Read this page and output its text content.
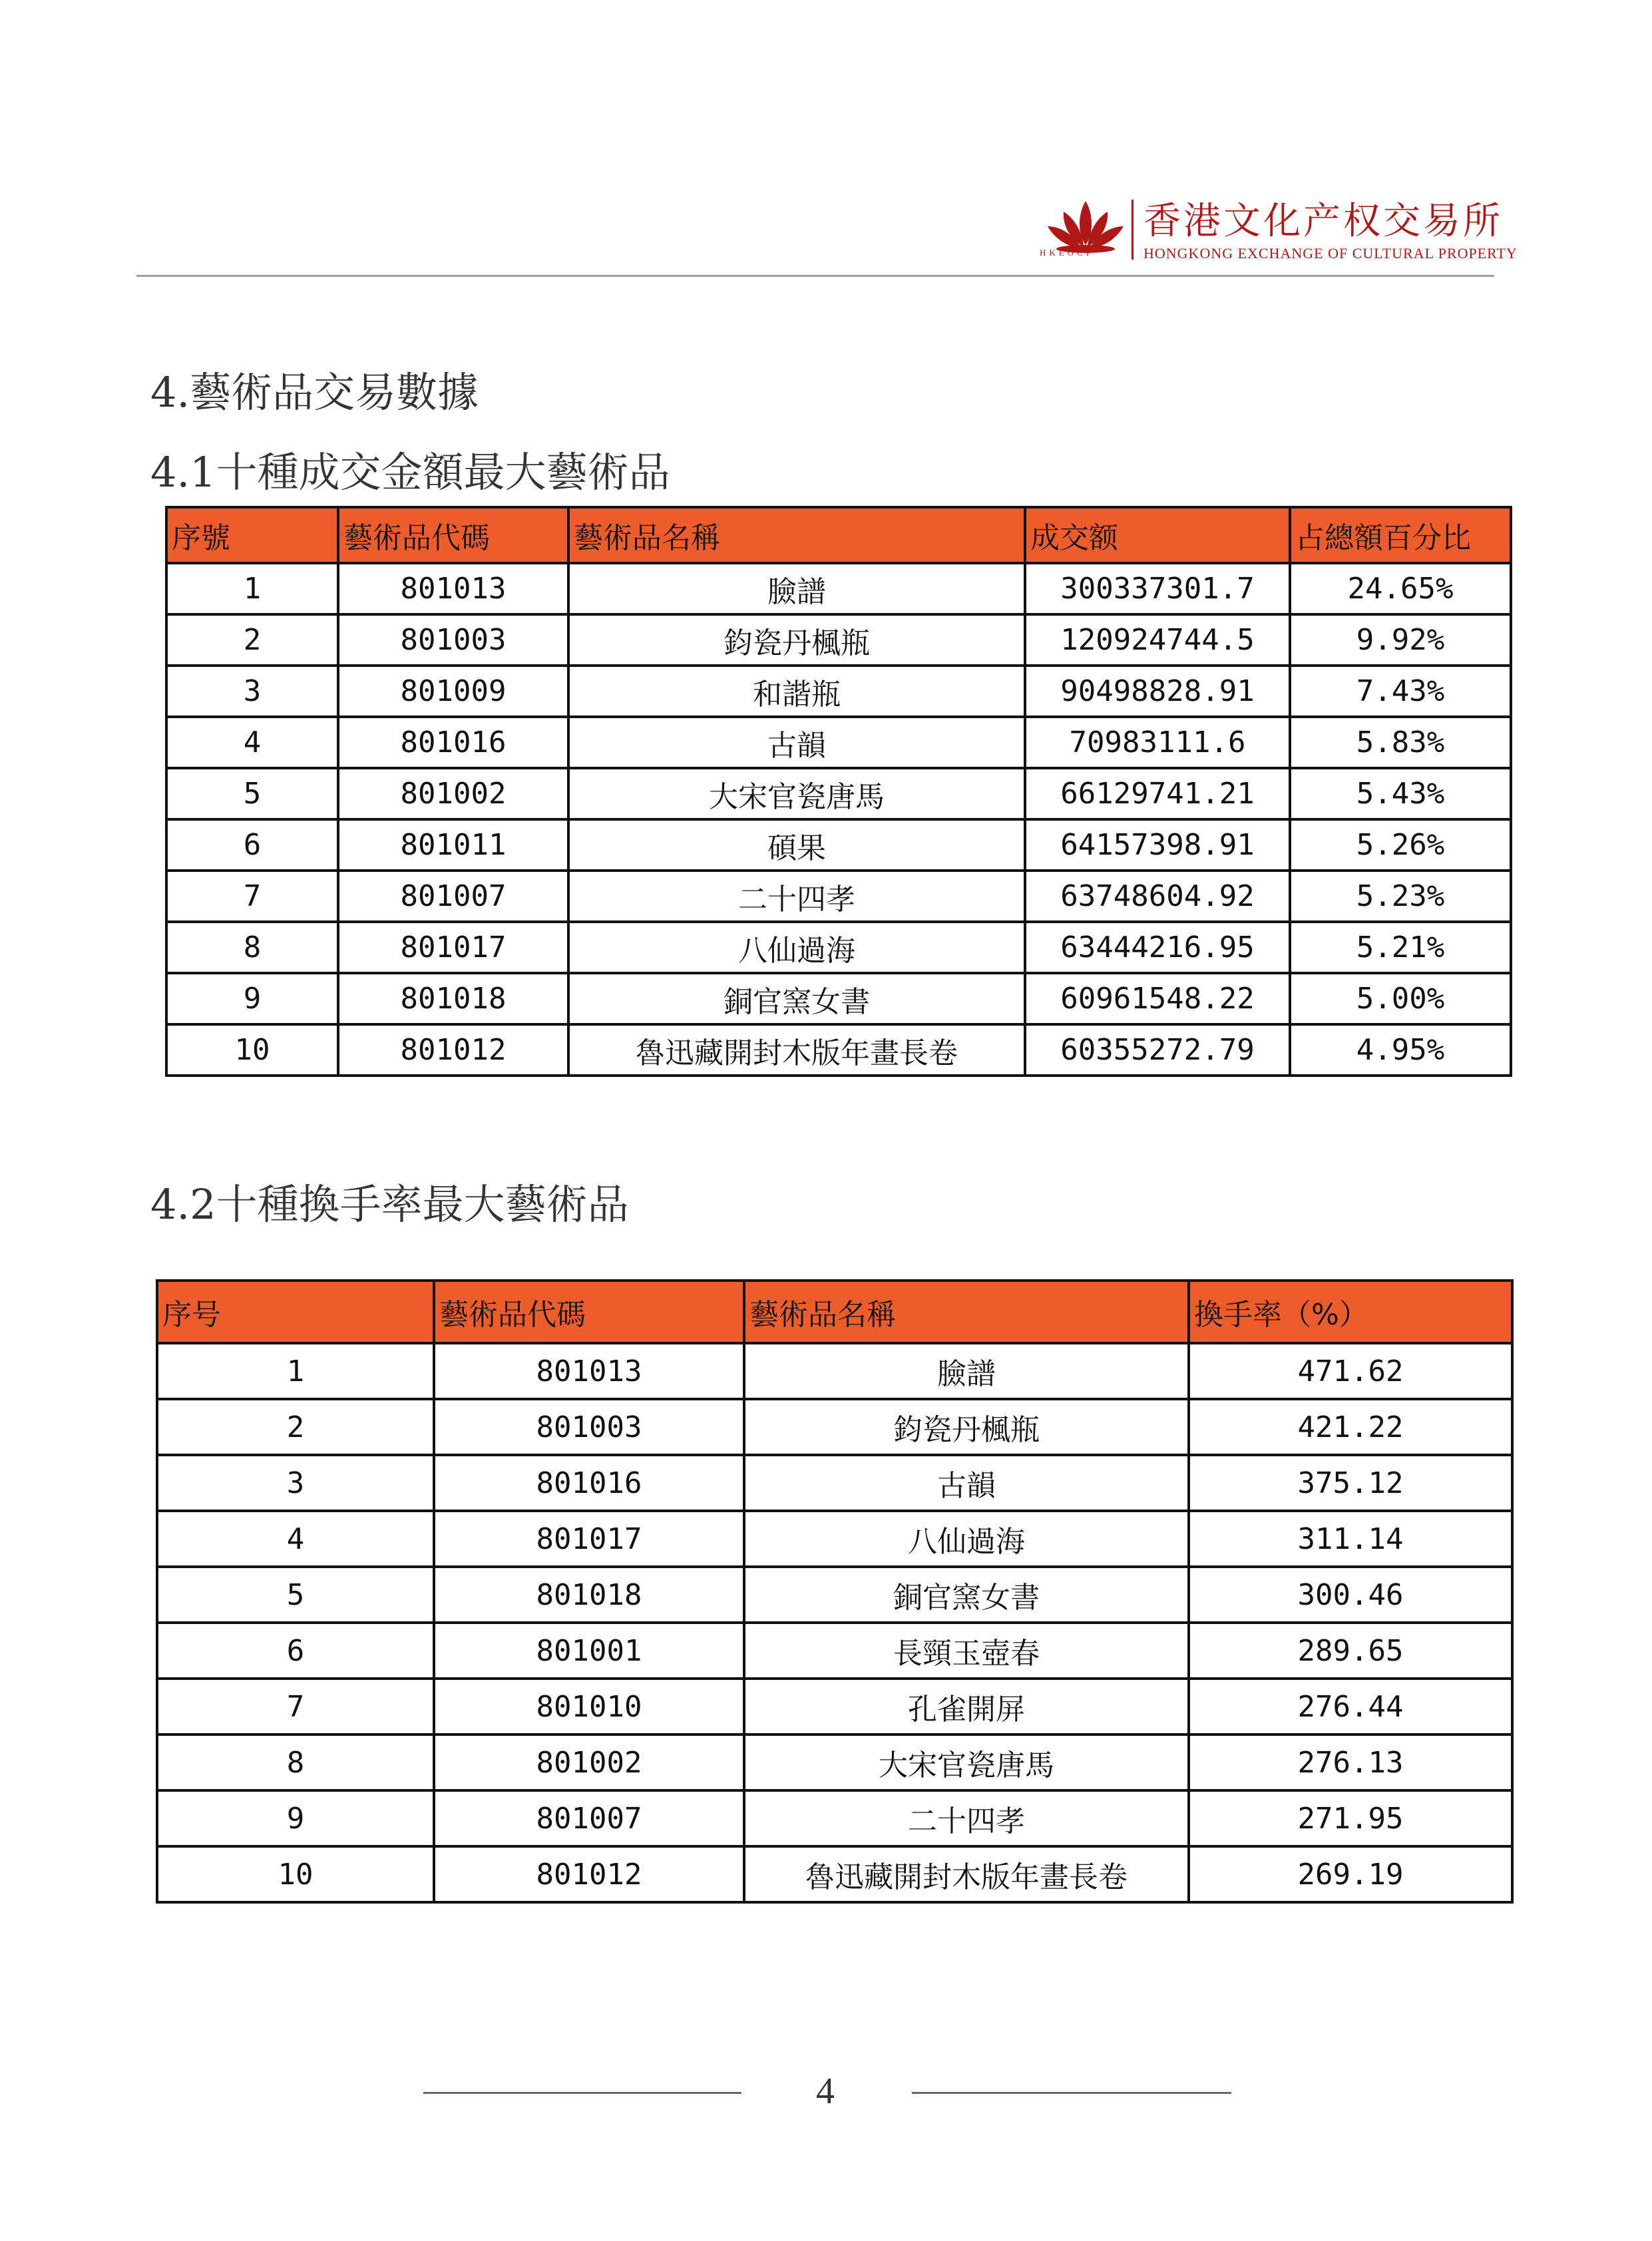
HKEOCP
香港文化产权交易所
HONGKONG EXCHANGE OF CULTURAL PROPERTY
4.藝術品交易數據
4.1十種成交金額最大藝術品
序號	藝術品代碼	藝術品名稱	成交额	占總額百分比
1	801013	臉譜	300337301.7	24.65%
2	801003	鈞瓷丹楓瓶	120924744.5	9.92%
3	801009	和諧瓶	90498828.91	7.43%
4	801016	古韻	70983111.6	5.83%
5	801002	大宋官瓷唐馬	66129741.21	5.43%
6	801011	碩果	64157398.91	5.26%
7	801007	二十四孝	63748604.92	5.23%
8	801017	八仙過海	63444216.95	5.21%
9	801018	銅官窯女書	60961548.22	5.00%
10	801012	魯迅藏開封木版年畫長卷	60355272.79	4.95%
4.2十種換手率最大藝術品
序号	藝術品代碼	藝術品名稱	換手率（%）
1	801013	臉譜	471.62
2	801003	鈞瓷丹楓瓶	421.22
3	801016	古韻	375.12
4	801017	八仙過海	311.14
5	801018	銅官窯女書	300.46
6	801001	長頸玉壺春	289.65
7	801010	孔雀開屏	276.44
8	801002	大宋官瓷唐馬	276.13
9	801007	二十四孝	271.95
10	801012	魯迅藏開封木版年畫長卷	269.19
4
